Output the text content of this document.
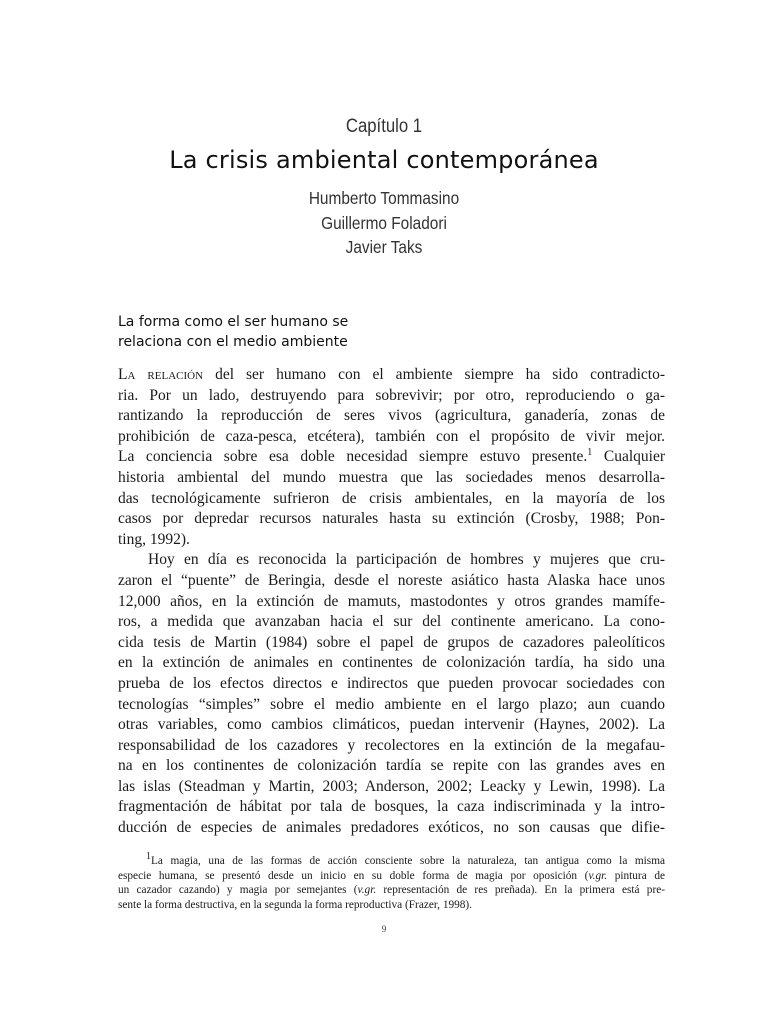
Capítulo 1
La crisis ambiental contemporánea
Humberto Tommasino
Guillermo Foladori
Javier Taks
La forma como el ser humano se
relaciona con el medio ambiente
La relación del ser humano con el ambiente siempre ha sido contradicto-
ria. Por un lado, destruyendo para sobrevivir; por otro, reproduciendo o ga-
rantizando la reproducción de seres vivos (agricultura, ganadería, zonas de
prohibición de caza-pesca, etcétera), también con el propósito de vivir mejor.
La conciencia sobre esa doble necesidad siempre estuvo presente.$^1$ Cualquier
historia ambiental del mundo muestra que las sociedades menos desarrolla-
das tecnológicamente sufrieron de crisis ambientales, en la mayoría de los
casos por depredar recursos naturales hasta su extinción (Crosby, 1988; Pon-
ting, 1992).
Hoy en día es reconocida la participación de hombres y mujeres que cru-
zaron el “puente” de Beringia, desde el noreste asiático hasta Alaska hace unos
12,000 años, en la extinción de mamuts, mastodontes y otros grandes mamífe-
ros, a medida que avanzaban hacia el sur del continente americano. La cono-
cida tesis de Martin (1984) sobre el papel de grupos de cazadores paleolíticos
en la extinción de animales en continentes de colonización tardía, ha sido una
prueba de los efectos directos e indirectos que pueden provocar sociedades con
tecnologías “simples” sobre el medio ambiente en el largo plazo; aun cuando
otras variables, como cambios climáticos, puedan intervenir (Haynes, 2002). La
responsabilidad de los cazadores y recolectores en la extinción de la megafau-
na en los continentes de colonización tardía se repite con las grandes aves en
las islas (Steadman y Martin, 2003; Anderson, 2002; Leacky y Lewin, 1998). La
fragmentación de hábitat por tala de bosques, la caza indiscriminada y la intro-
ducción de especies de animales predadores exóticos, no son causas que difie-
$^1$La magia, una de las formas de acción consciente sobre la naturaleza, tan antigua como la misma
especie humana, se presentó desde un inicio en su doble forma de magia por oposición (v.gr. pintura de
un cazador cazando) y magia por semejantes (v.gr. representación de res preñada). En la primera está pre-
sente la forma destructiva, en la segunda la forma reproductiva (Frazer, 1998).
9
